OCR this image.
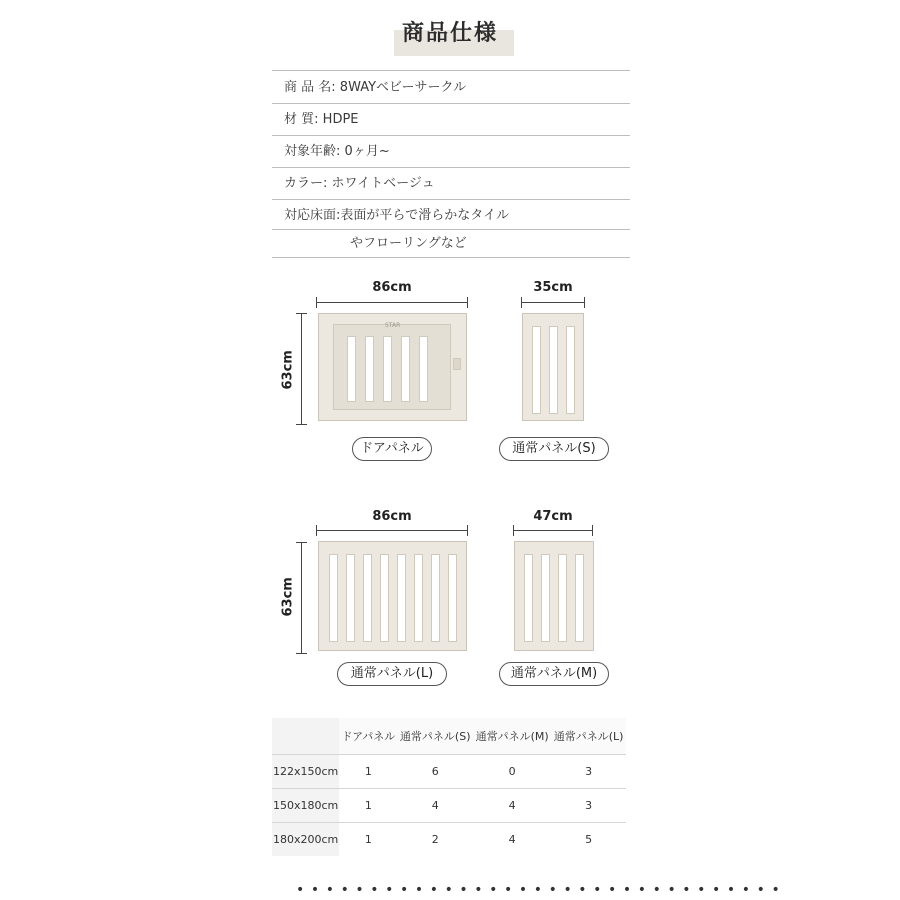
商品仕様
商 品 名: 8WAYベビーサークル
材 質: HDPE
対象年齢: 0ヶ月~
カラー: ホワイトベージュ
対応床面:表面が平らで滑らかなタイル
やフローリングなど
86cm
63cm
STAR
ドアパネル
35cm
通常パネル(S)
86cm
63cm
通常パネル(L)
47cm
通常パネル(M)
	ドアパネル	通常パネル(S)	通常パネル(M)	通常パネル(L)
122x150cm	1	6	0	3
150x180cm	1	4	4	3
180x200cm	1	2	4	5
•••••••••••••••••••••••••••••••••
